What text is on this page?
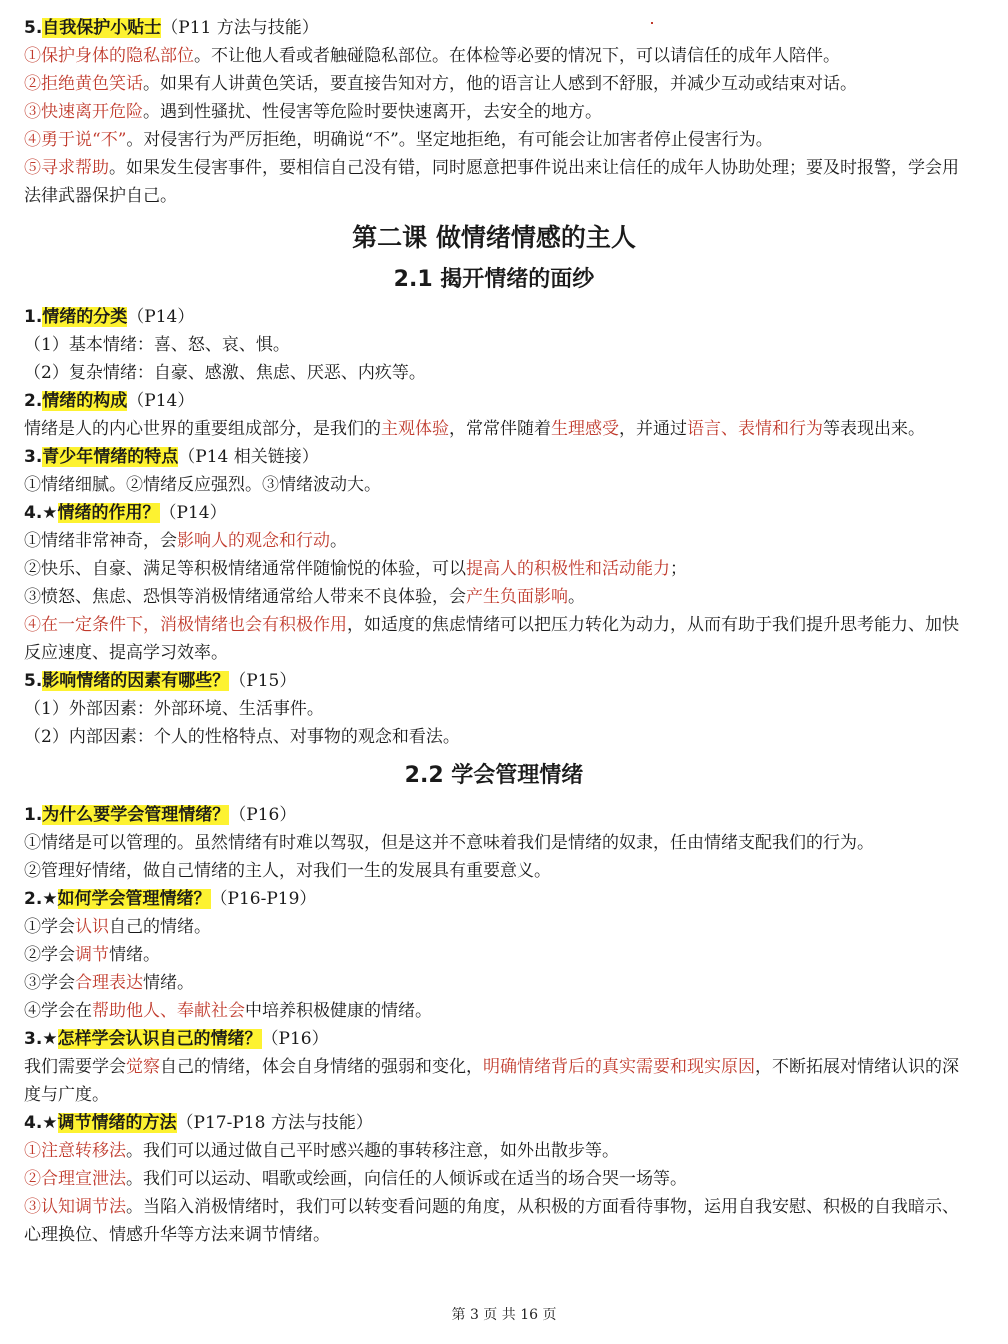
5.自我保护小贴士（P11 方法与技能）

①保护身体的隐私部位。不让他人看或者触碰隐私部位。在体检等必要的情况下，可以请信任的成年人陪伴。

②拒绝黄色笑话。如果有人讲黄色笑话，要直接告知对方，他的语言让人感到不舒服，并减少互动或结束对话。

③快速离开危险。遇到性骚扰、性侵害等危险时要快速离开，去安全的地方。

④勇于说“不”。对侵害行为严厉拒绝，明确说“不”。坚定地拒绝，有可能会让加害者停止侵害行为。

⑤寻求帮助。如果发生侵害事件，要相信自己没有错，同时愿意把事件说出来让信任的成年人协助处理；要及时报警，学会用法律武器保护自己。

第二课 做情绪情感的主人
2.1 揭开情绪的面纱

1.情绪的分类（P14）

（1）基本情绪：喜、怒、哀、惧。

（2）复杂情绪：自豪、感激、焦虑、厌恶、内疚等。

2.情绪的构成（P14）

情绪是人的内心世界的重要组成部分，是我们的主观体验，常常伴随着生理感受，并通过语言、表情和行为等表现出来。

3.青少年情绪的特点（P14 相关链接）

①情绪细腻。②情绪反应强烈。③情绪波动大。

4.★情绪的作用？（P14）

①情绪非常神奇，会影响人的观念和行动。

②快乐、自豪、满足等积极情绪通常伴随愉悦的体验，可以提高人的积极性和活动能力；

③愤怒、焦虑、恐惧等消极情绪通常给人带来不良体验，会产生负面影响。

④在一定条件下，消极情绪也会有积极作用，如适度的焦虑情绪可以把压力转化为动力，从而有助于我们提升思考能力、加快反应速度、提高学习效率。

5.影响情绪的因素有哪些？（P15）

（1）外部因素：外部环境、生活事件。

（2）内部因素：个人的性格特点、对事物的观念和看法。

2.2 学会管理情绪

1.为什么要学会管理情绪？（P16）

①情绪是可以管理的。虽然情绪有时难以驾驭，但是这并不意味着我们是情绪的奴隶，任由情绪支配我们的行为。

②管理好情绪，做自己情绪的主人，对我们一生的发展具有重要意义。

2.★如何学会管理情绪？（P16-P19）

①学会认识自己的情绪。

②学会调节情绪。

③学会合理表达情绪。

④学会在帮助他人、奉献社会中培养积极健康的情绪。

3.★怎样学会认识自己的情绪？（P16）

我们需要学会觉察自己的情绪，体会自身情绪的强弱和变化，明确情绪背后的真实需要和现实原因，不断拓展对情绪认识的深度与广度。

4.★调节情绪的方法（P17-P18 方法与技能）

①注意转移法。我们可以通过做自己平时感兴趣的事转移注意，如外出散步等。

②合理宣泄法。我们可以运动、唱歌或绘画，向信任的人倾诉或在适当的场合哭一场等。

③认知调节法。当陷入消极情绪时，我们可以转变看问题的角度，从积极的方面看待事物，运用自我安慰、积极的自我暗示、心理换位、情感升华等方法来调节情绪。

第 3 页 共 16 页
